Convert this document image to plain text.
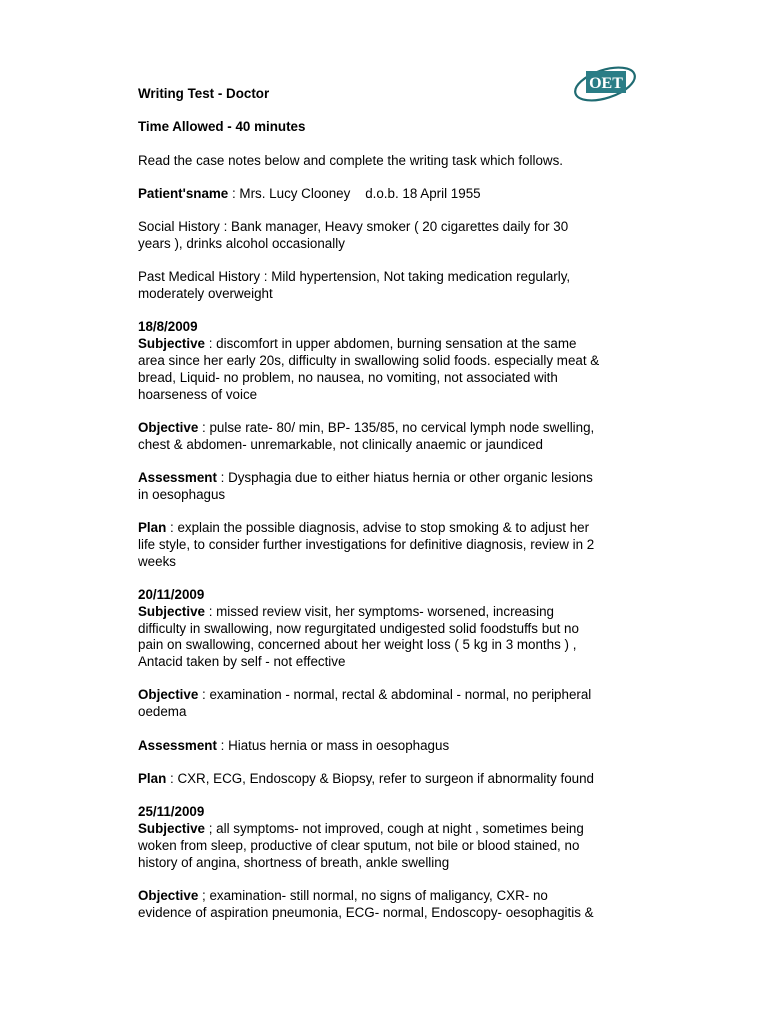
OET

Writing Test - Doctor

Time Allowed - 40 minutes

Read the case notes below and complete the writing task which follows.

Patient'sname : Mrs. Lucy Clooney    d.o.b. 18 April 1955

Social History : Bank manager, Heavy smoker ( 20 cigarettes daily for 30

years ), drinks alcohol occasionally

Past Medical History : Mild hypertension, Not taking medication regularly,

moderately overweight

18/8/2009

Subjective : discomfort in upper abdomen, burning sensation at the same

area since her early 20s, difficulty in swallowing solid foods. especially meat &

bread, Liquid- no problem, no nausea, no vomiting, not associated with

hoarseness of voice

Objective : pulse rate- 80/ min, BP- 135/85, no cervical lymph node swelling,

chest & abdomen- unremarkable, not clinically anaemic or jaundiced

Assessment : Dysphagia due to either hiatus hernia or other organic lesions

in oesophagus

Plan : explain the possible diagnosis, advise to stop smoking & to adjust her

life style, to consider further investigations for definitive diagnosis, review in 2

weeks

20/11/2009

Subjective : missed review visit, her symptoms- worsened, increasing

difficulty in swallowing, now regurgitated undigested solid foodstuffs but no

pain on swallowing, concerned about her weight loss ( 5 kg in 3 months ) ,

Antacid taken by self - not effective

Objective : examination - normal, rectal & abdominal - normal, no peripheral

oedema

Assessment : Hiatus hernia or mass in oesophagus

Plan : CXR, ECG, Endoscopy & Biopsy, refer to surgeon if abnormality found

25/11/2009

Subjective ; all symptoms- not improved, cough at night , sometimes being

woken from sleep, productive of clear sputum, not bile or blood stained, no

history of angina, shortness of breath, ankle swelling

Objective ; examination- still normal, no signs of maligancy, CXR- no

evidence of aspiration pneumonia, ECG- normal, Endoscopy- oesophagitis &
